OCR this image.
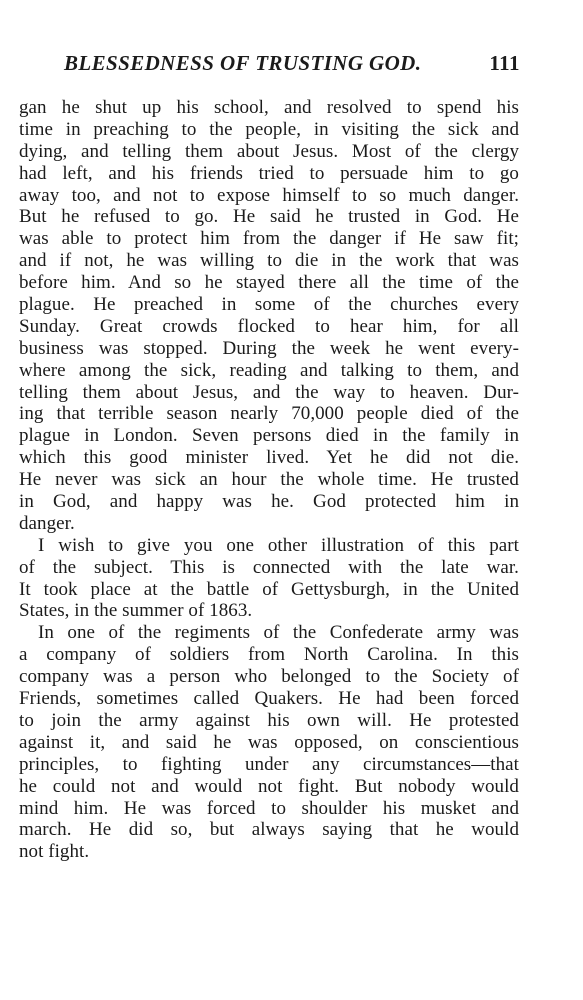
BLESSEDNESS OF TRUSTING GOD.	111
gan he shut up his school, and resolved to spend his
time in preaching to the people, in visiting the sick and
dying, and telling them about Jesus. Most of the clergy
had left, and his friends tried to persuade him to go
away too, and not to expose himself to so much danger.
But he refused to go. He said he trusted in God. He
was able to protect him from the danger if He saw fit;
and if not, he was willing to die in the work that was
before him. And so he stayed there all the time of the
plague. He preached in some of the churches every
Sunday. Great crowds flocked to hear him, for all
business was stopped. During the week he went every-
where among the sick, reading and talking to them, and
telling them about Jesus, and the way to heaven. Dur-
ing that terrible season nearly 70,000 people died of the
plague in London. Seven persons died in the family in
which this good minister lived. Yet he did not die.
He never was sick an hour the whole time. He trusted
in God, and happy was he. God protected him in
danger.
I wish to give you one other illustration of this part
of the subject. This is connected with the late war.
It took place at the battle of Gettysburgh, in the United
States, in the summer of 1863.
In one of the regiments of the Confederate army was
a company of soldiers from North Carolina. In this
company was a person who belonged to the Society of
Friends, sometimes called Quakers. He had been forced
to join the army against his own will. He protested
against it, and said he was opposed, on conscientious
principles, to fighting under any circumstances—that
he could not and would not fight. But nobody would
mind him. He was forced to shoulder his musket and
march. He did so, but always saying that he would
not fight.
